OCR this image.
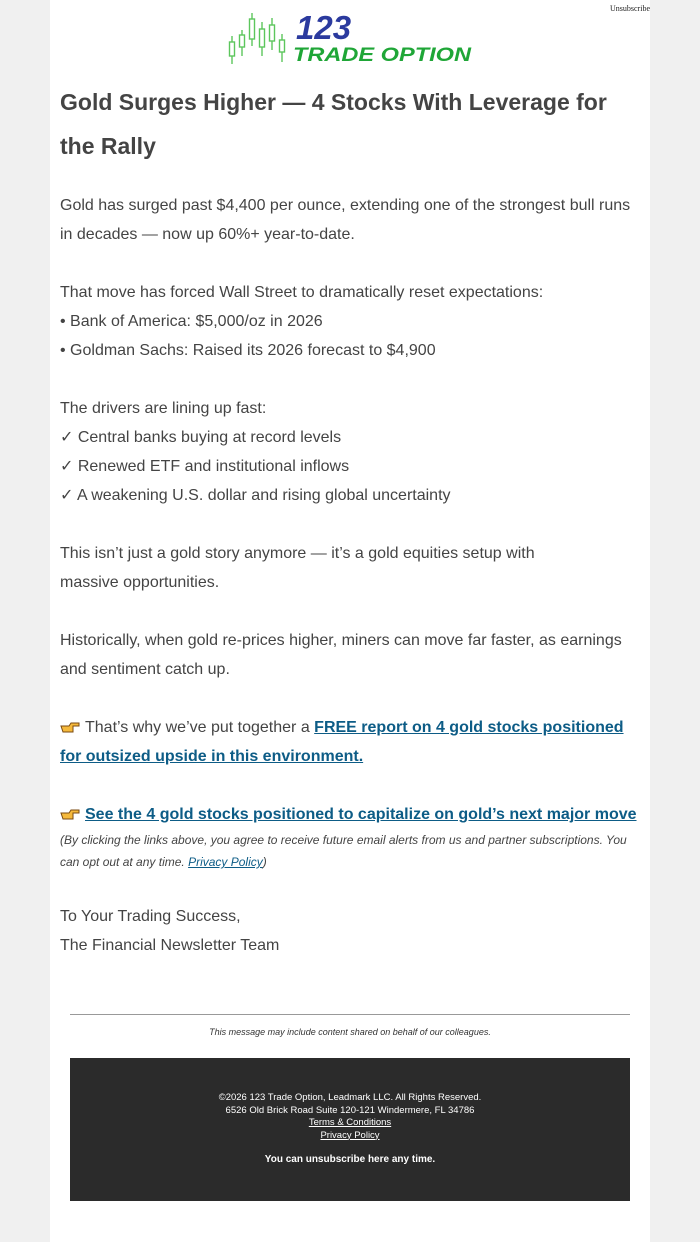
Unsubscribe
123
TRADE OPTION
Gold Surges Higher — 4 Stocks With Leverage for the Rally

Gold has surged past $4,400 per ounce, extending one of the strongest bull runs in decades — now up 60%+ year-to-date.

That move has forced Wall Street to dramatically reset expectations:
• Bank of America: $5,000/oz in 2026
• Goldman Sachs: Raised its 2026 forecast to $4,900

The drivers are lining up fast:
✓ Central banks buying at record levels
✓ Renewed ETF and institutional inflows
✓ A weakening U.S. dollar and rising global uncertainty

This isn’t just a gold story anymore — it’s a gold equities setup with massive opportunities.

Historically, when gold re-prices higher, miners can move far faster, as earnings and sentiment catch up.

That’s why we’ve put together a FREE report on 4 gold stocks positioned for outsized upside in this environment.

See the 4 gold stocks positioned to capitalize on gold’s next major move

(By clicking the links above, you agree to receive future email alerts from us and partner subscriptions. You can opt out at any time. Privacy Policy)

To Your Trading Success,
The Financial Newsletter Team

This message may include content shared on behalf of our colleagues.
©2026 123 Trade Option, Leadmark LLC. All Rights Reserved.
6526 Old Brick Road Suite 120-121 Windermere, FL 34786
Terms & Conditions
Privacy Policy
You can unsubscribe here any time.
